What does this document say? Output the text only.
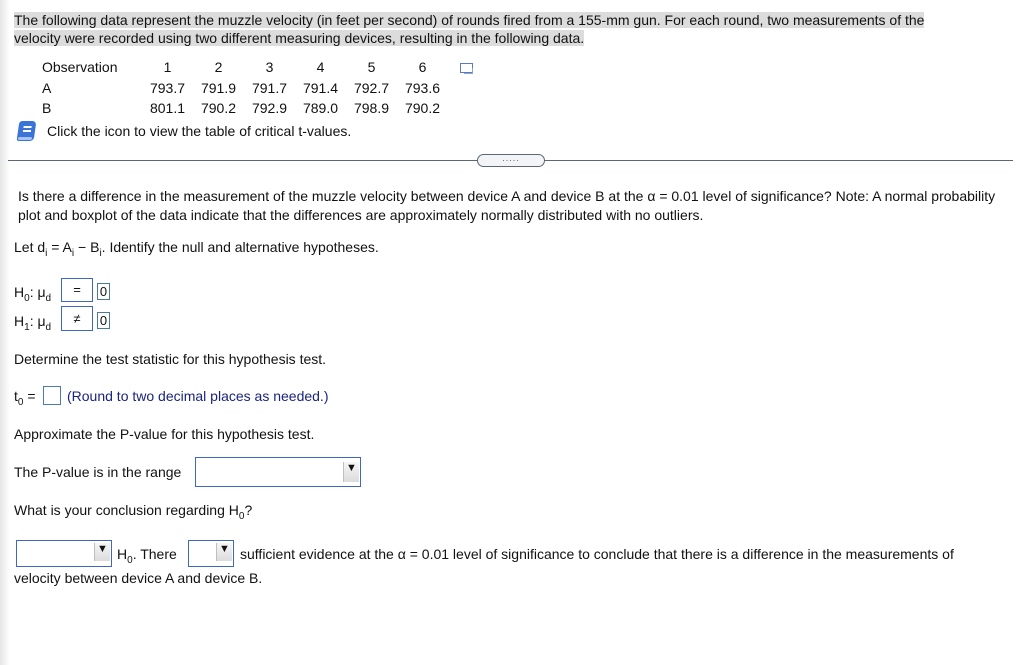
The following data represent the muzzle velocity (in feet per second) of rounds fired from a 155-mm gun. For each round, two measurements of the velocity were recorded using two different measuring devices, resulting in the following data.
Observation	1	2	3	4	5	6	
A	793.7	791.9	791.7	791.4	792.7	793.6	
B	801.1	790.2	792.9	789.0	798.9	790.2	
Click the icon to view the table of critical t-values.
.....
Is there a difference in the measurement of the muzzle velocity between device A and device B at the α = 0.01 level of significance? Note: A normal probability plot and boxplot of the data indicate that the differences are approximately normally distributed with no outliers.
Let $d_i = A_i - B_i$. Identify the null and alternative hypotheses.
$H_0$: $\mu_d$
=	0
$H_1$: $\mu_d$
≠	0
Determine the test statistic for this hypothesis test.
$t_0$ = (Round to two decimal places as needed.)
Approximate the P-value for this hypothesis test.
The P-value is in the range	▼
What is your conclusion regarding $H_0$?
▼ $H_0$. There	▼ sufficient evidence at the α = 0.01 level of significance to conclude that there is a difference in the measurements of
velocity between device A and device B.
